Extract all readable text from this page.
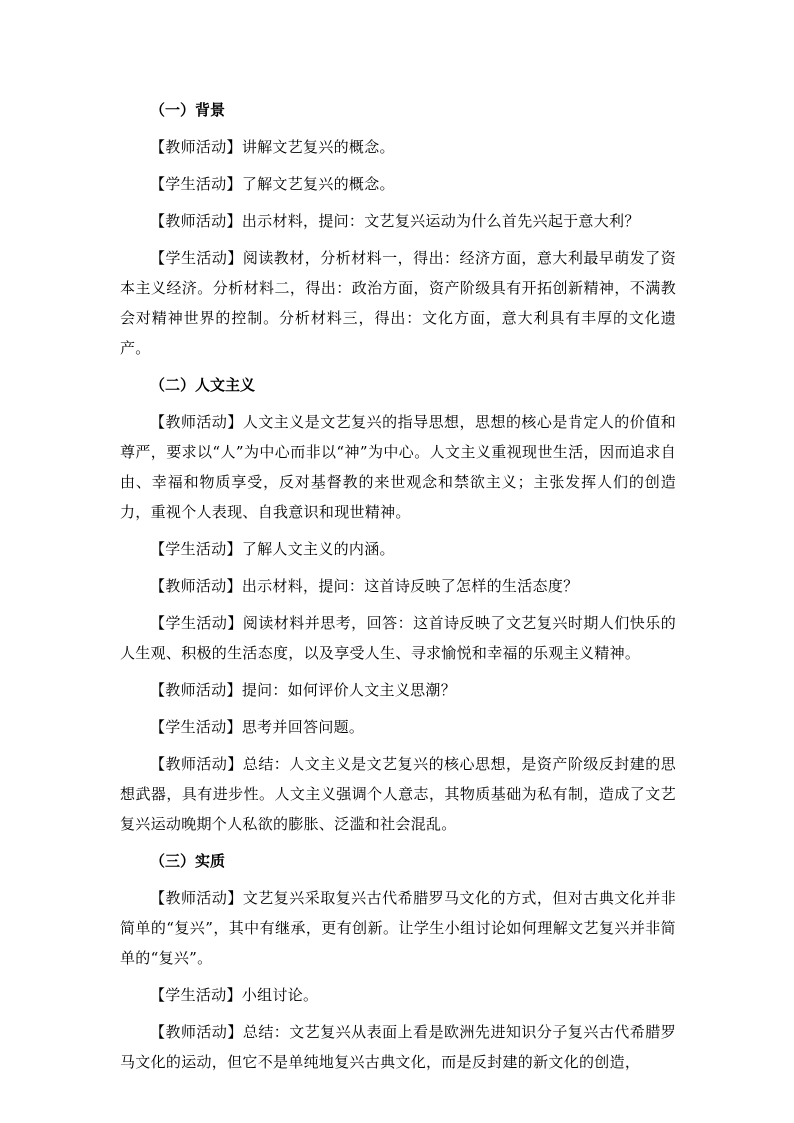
（一）背景

【教师活动】讲解文艺复兴的概念。

【学生活动】了解文艺复兴的概念。

【教师活动】出示材料，提问：文艺复兴运动为什么首先兴起于意大利？

【学生活动】阅读教材，分析材料一，得出：经济方面，意大利最早萌发了资本主义经济。分析材料二，得出：政治方面，资产阶级具有开拓创新精神，不满教会对精神世界的控制。分析材料三，得出：文化方面，意大利具有丰厚的文化遗产。

（二）人文主义

【教师活动】人文主义是文艺复兴的指导思想，思想的核心是肯定人的价值和尊严，要求以“人”为中心而非以“神”为中心。人文主义重视现世生活，因而追求自由、幸福和物质享受，反对基督教的来世观念和禁欲主义；主张发挥人们的创造力，重视个人表现、自我意识和现世精神。

【学生活动】了解人文主义的内涵。

【教师活动】出示材料，提问：这首诗反映了怎样的生活态度？

【学生活动】阅读材料并思考，回答：这首诗反映了文艺复兴时期人们快乐的人生观、积极的生活态度，以及享受人生、寻求愉悦和幸福的乐观主义精神。

【教师活动】提问：如何评价人文主义思潮？

【学生活动】思考并回答问题。

【教师活动】总结：人文主义是文艺复兴的核心思想，是资产阶级反封建的思想武器，具有进步性。人文主义强调个人意志，其物质基础为私有制，造成了文艺复兴运动晚期个人私欲的膨胀、泛滥和社会混乱。

（三）实质

【教师活动】文艺复兴采取复兴古代希腊罗马文化的方式，但对古典文化并非简单的“复兴”，其中有继承，更有创新。让学生小组讨论如何理解文艺复兴并非简单的“复兴”。

【学生活动】小组讨论。

【教师活动】总结：文艺复兴从表面上看是欧洲先进知识分子复兴古代希腊罗马文化的运动，但它不是单纯地复兴古典文化，而是反封建的新文化的创造，
